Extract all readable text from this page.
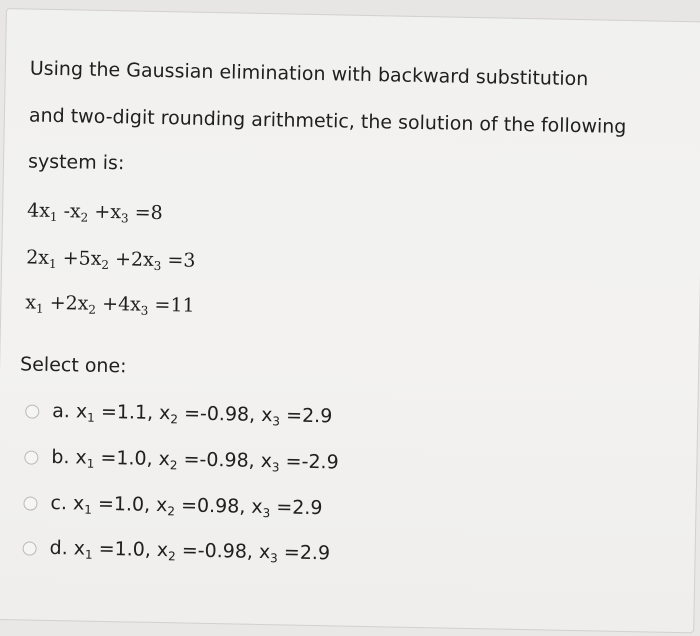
Using the Gaussian elimination with backward substitution
and two-digit rounding arithmetic, the solution of the following
system is:
$4x_1$ $-x_2 +x_3 =8$
$2x_1 +5x_2 +2x_3 =3$
$x_1 +2x_2 +4x_3 =11$
Select one:
a. $x_1 =1.1$, $x_2 =-0.98$, $x_3 =2.9$
b. $x_1 =1.0$, $x_2 =-0.98$, $x_3 =-2.9$
c. $x_1 =1.0$, $x_2 =0.98$, $x_3 =2.9$
d. $x_1 =1.0$, $x_2 =-0.98$, $x_3 =2.9$
